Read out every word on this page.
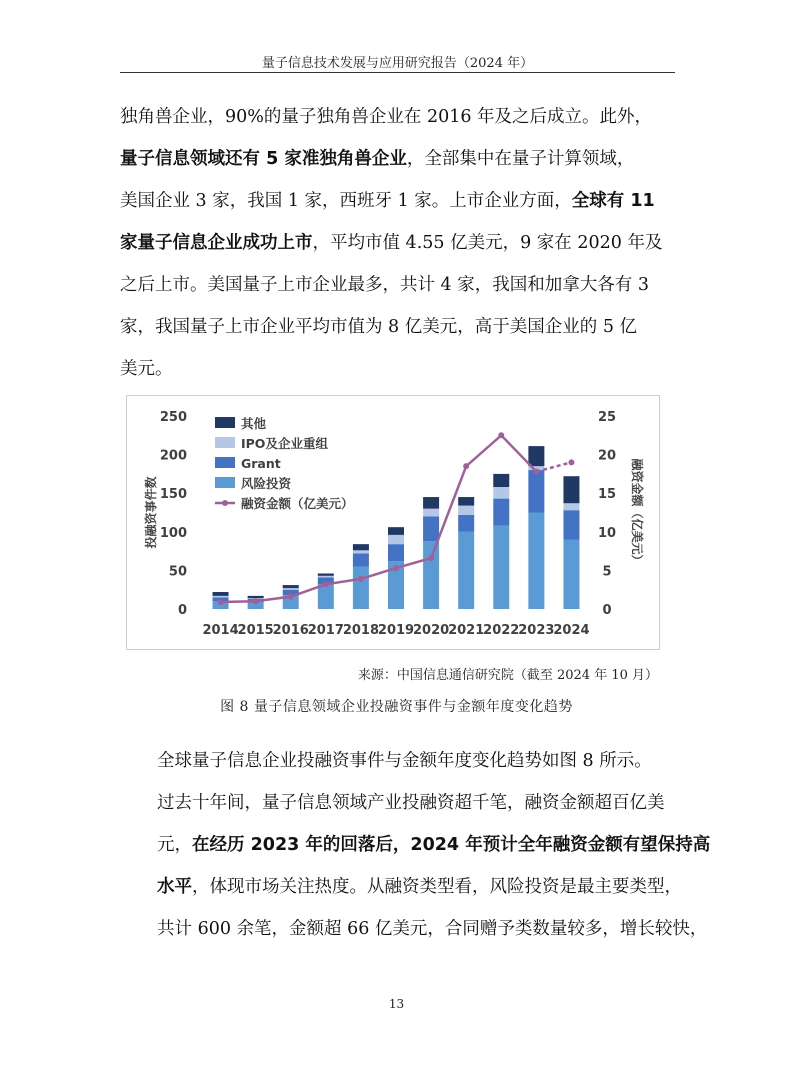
量子信息技术发展与应用研究报告（2024 年）
独角兽企业，90%的量子独角兽企业在 2016 年及之后成立。此外，
量子信息领域还有 5 家准独角兽企业，全部集中在量子计算领域，
美国企业 3 家，我国 1 家，西班牙 1 家。上市企业方面，全球有 11
家量子信息企业成功上市，平均市值 4.55 亿美元，9 家在 2020 年及
之后上市。美国量子上市企业最多，共计 4 家，我国和加拿大各有 3
家，我国量子上市企业平均市值为 8 亿美元，高于美国企业的 5 亿
美元。
0
50
100
150
200
250
0
5
10
15
20
25
投融资事件数	融资金额（亿美元）
2014
2015
2016
2017
2018
2019
2020
2021
2022
2023
2024
其他
IPO及企业重组
Grant
风险投资
融资金额（亿美元）
来源：中国信息通信研究院（截至 2024 年 10 月）
图 8 量子信息领域企业投融资事件与金额年度变化趋势
全球量子信息企业投融资事件与金额年度变化趋势如图 8 所示。
过去十年间，量子信息领域产业投融资超千笔，融资金额超百亿美
元，在经历 2023 年的回落后，2024 年预计全年融资金额有望保持高
水平，体现市场关注热度。从融资类型看，风险投资是最主要类型，
共计 600 余笔，金额超 66 亿美元，合同赠予类数量较多，增长较快，
13
